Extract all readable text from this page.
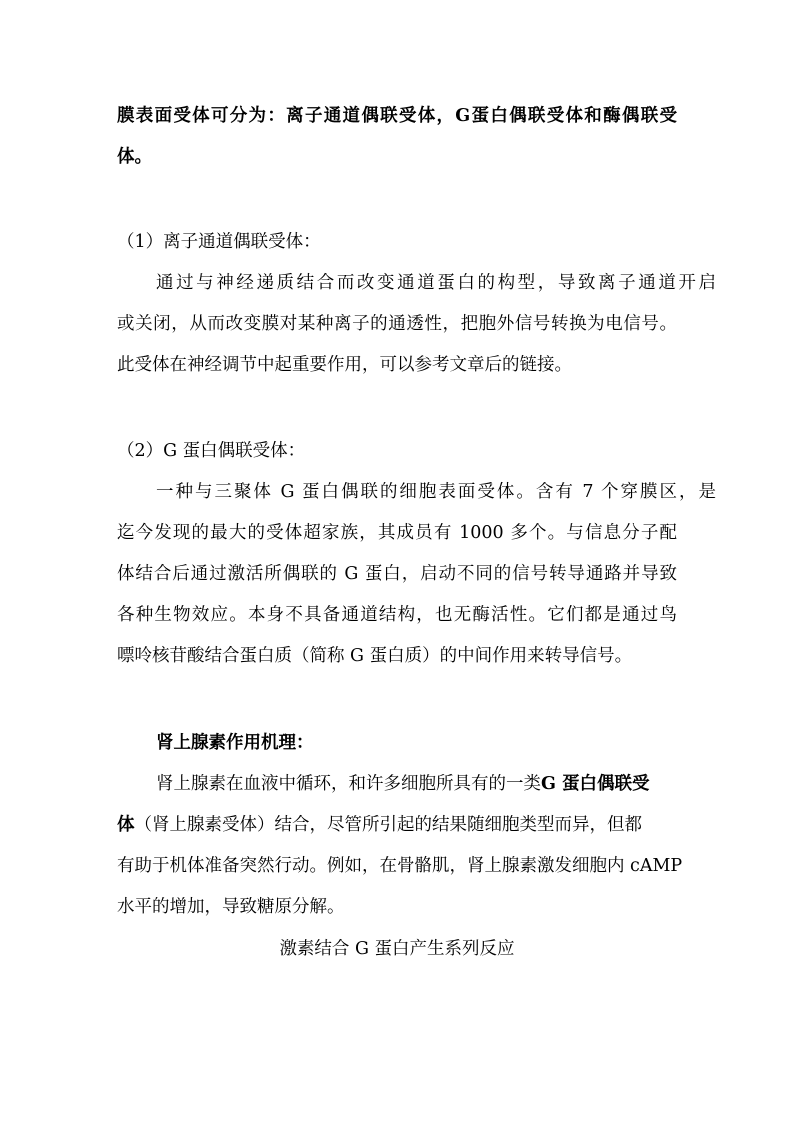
膜表面受体可分为：离子通道偶联受体，G蛋白偶联受体和酶偶联受
体。
（1）离子通道偶联受体：
通过与神经递质结合而改变通道蛋白的构型，导致离子通道开启
或关闭，从而改变膜对某种离子的通透性，把胞外信号转换为电信号。
此受体在神经调节中起重要作用，可以参考文章后的链接。
（2）G 蛋白偶联受体：
一种与三聚体 G 蛋白偶联的细胞表面受体。含有 7 个穿膜区，是
迄今发现的最大的受体超家族，其成员有 1000 多个。与信息分子配
体结合后通过激活所偶联的 G 蛋白，启动不同的信号转导通路并导致
各种生物效应。本身不具备通道结构，也无酶活性。它们都是通过鸟
嘌呤核苷酸结合蛋白质（简称 G 蛋白质）的中间作用来转导信号。
肾上腺素作用机理：
肾上腺素在血液中循环，和许多细胞所具有的一类G 蛋白偶联受
体（肾上腺素受体）结合，尽管所引起的结果随细胞类型而异，但都
有助于机体准备突然行动。例如，在骨骼肌，肾上腺素激发细胞内 cAMP
水平的增加，导致糖原分解。
激素结合 G 蛋白产生系列反应
